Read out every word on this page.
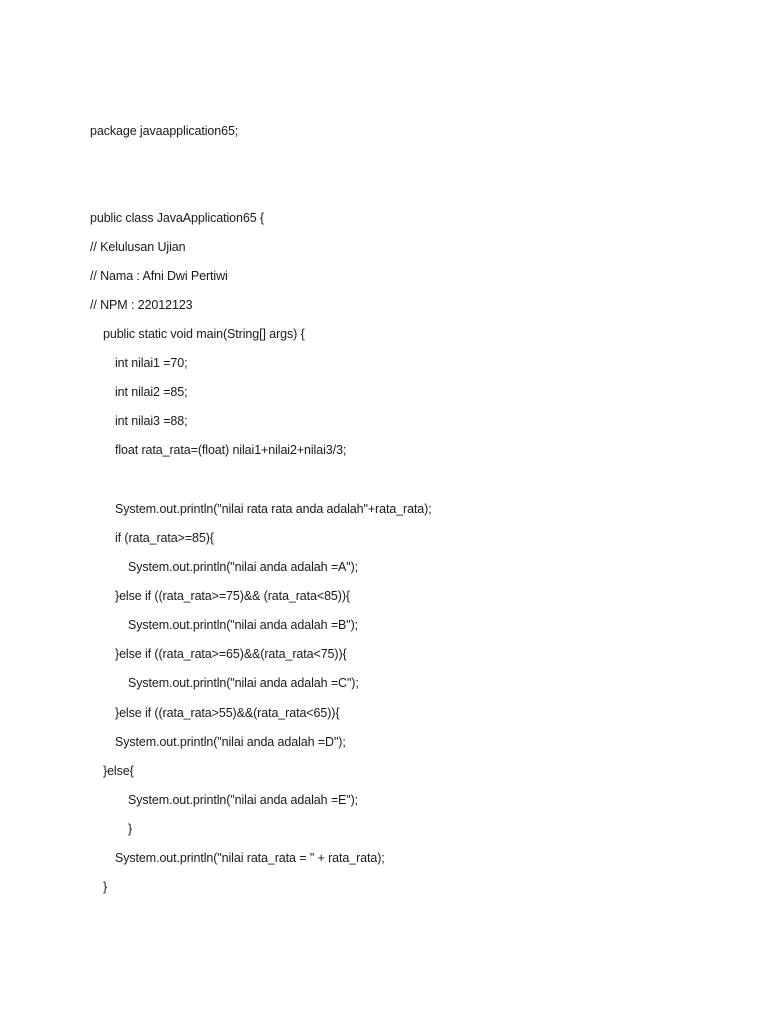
package javaapplication65;
public class JavaApplication65 {
// Kelulusan Ujian
// Nama : Afni Dwi Pertiwi
// NPM : 22012123
public static void main(String[] args) {
int nilai1 =70;
int nilai2 =85;
int nilai3 =88;
float rata_rata=(float) nilai1+nilai2+nilai3/3;
System.out.println("nilai rata rata anda adalah"+rata_rata);
if (rata_rata>=85){
System.out.println("nilai anda adalah =A");
}else if ((rata_rata>=75)&& (rata_rata<85)){
System.out.println("nilai anda adalah =B");
}else if ((rata_rata>=65)&&(rata_rata<75)){
System.out.println("nilai anda adalah =C");
}else if ((rata_rata>55)&&(rata_rata<65)){
System.out.println("nilai anda adalah =D");
}else{
System.out.println("nilai anda adalah =E");
}
System.out.println("nilai rata_rata = " + rata_rata);
}
